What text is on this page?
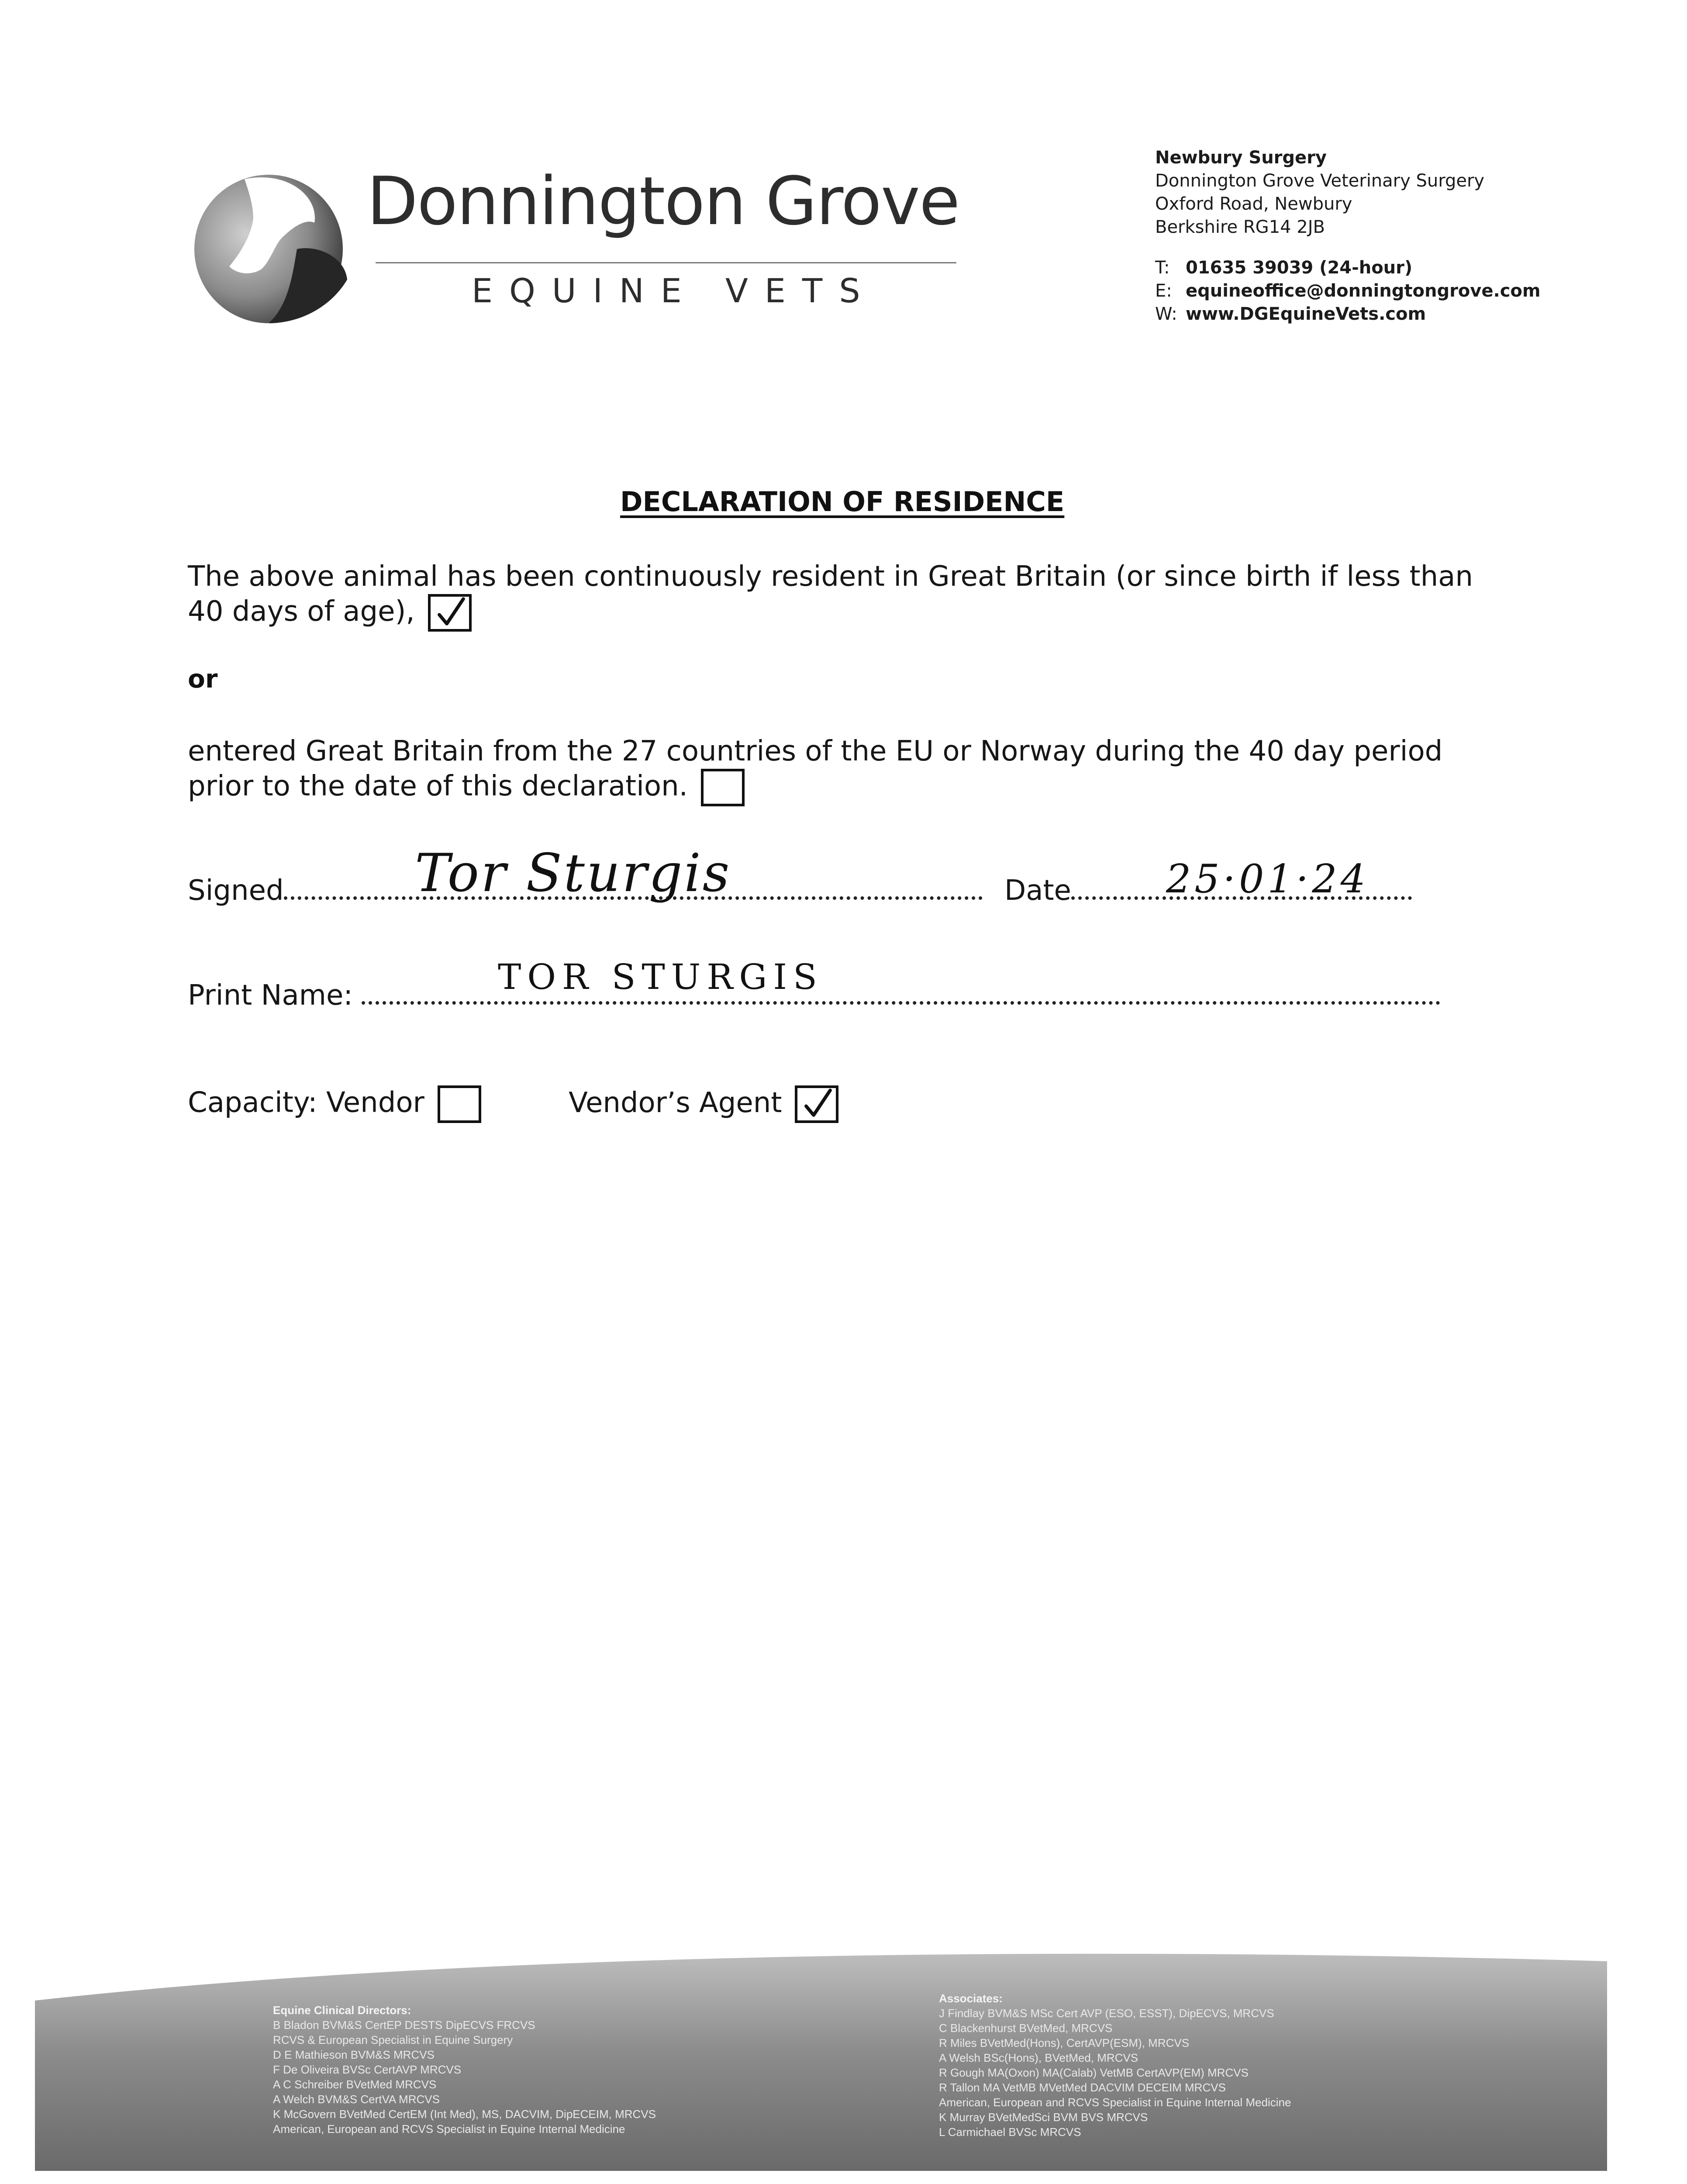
Donnington Grove
EQUINE VETS
Newbury Surgery
Donnington Grove Veterinary Surgery
Oxford Road, Newbury
Berkshire RG14 2JB
T: 01635 39039 (24-hour)
E: equineoffice@donningtongrove.com
W: www.DGEquineVets.com
DECLARATION OF RESIDENCE
The above animal has been continuously resident in Great Britain (or since birth if less than
40 days of age),
or
entered Great Britain from the 27 countries of the EU or Norway during the 40 day period
prior to the date of this declaration.
Signed	Date
Tor Sturgis	25·01·24
Print Name:	TOR STURGIS
Capacity: Vendor	Vendor’s Agent
Equine Clinical Directors:
B Bladon BVM&S CertEP DESTS DipECVS FRCVS
RCVS & European Specialist in Equine Surgery
D E Mathieson BVM&S MRCVS
F De Oliveira BVSc CertAVP MRCVS
A C Schreiber BVetMed MRCVS
A Welch BVM&S CertVA MRCVS
K McGovern BVetMed CertEM (Int Med), MS, DACVIM, DipECEIM, MRCVS
American, European and RCVS Specialist in Equine Internal Medicine
Associates:
J Findlay BVM&S MSc Cert AVP (ESO, ESST), DipECVS, MRCVS
C Blackenhurst BVetMed, MRCVS
R Miles BVetMed(Hons), CertAVP(ESM), MRCVS
A Welsh BSc(Hons), BVetMed, MRCVS
R Gough MA(Oxon) MA(Calab) VetMB CertAVP(EM) MRCVS
R Tallon MA VetMB MVetMed DACVIM DECEIM MRCVS
American, European and RCVS Specialist in Equine Internal Medicine
K Murray BVetMedSci BVM BVS MRCVS
L Carmichael BVSc MRCVS
